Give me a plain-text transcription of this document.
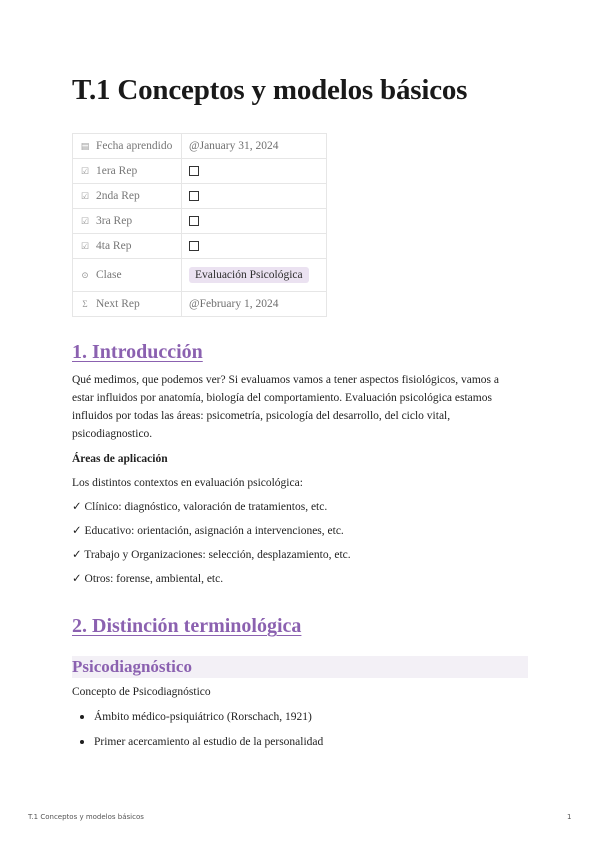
T.1 Conceptos y modelos básicos
▤ Fecha aprendido	@January 31, 2024
☑ 1era Rep	
☑ 2nda Rep	
☑ 3ra Rep	
☑ 4ta Rep	
⊙ Clase	Evaluación Psicológica
Σ Next Rep	@February 1, 2024
1. Introducción
Qué medimos, que podemos ver? Si evaluamos vamos a tener aspectos fisiológicos, vamos a
estar influidos por anatomía, biología del comportamiento. Evaluación psicológica estamos
influidos por todas las áreas: psicometría, psicología del desarrollo, del ciclo vital,
psicodiagnostico.
Áreas de aplicación
Los distintos contextos en evaluación psicológica:
✓ Clínico: diagnóstico, valoración de tratamientos, etc.
✓ Educativo: orientación, asignación a intervenciones, etc.
✓ Trabajo y Organizaciones: selección, desplazamiento, etc.
✓ Otros: forense, ambiental, etc.
2. Distinción terminológica
Psicodiagnóstico
Concepto de Psicodiagnóstico
Ámbito médico-psiquiátrico (Rorschach, 1921)
Primer acercamiento al estudio de la personalidad
T.1 Conceptos y modelos básicos	1
